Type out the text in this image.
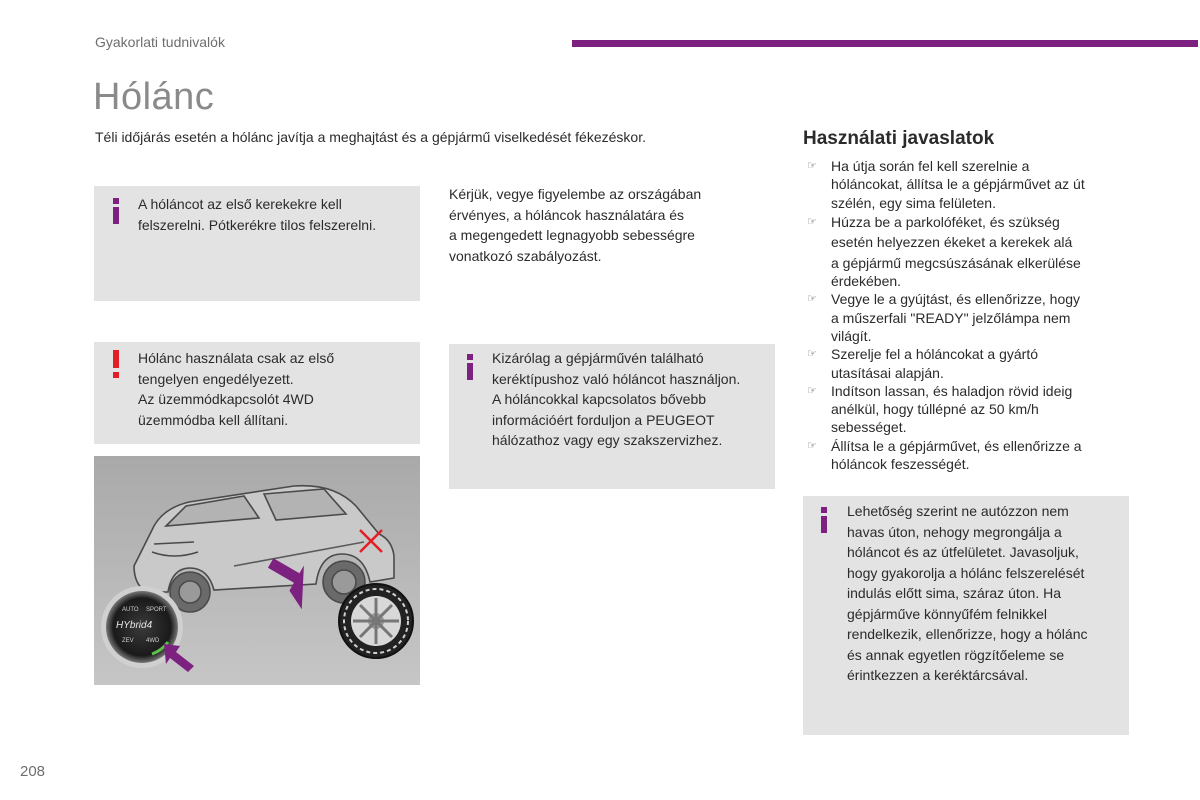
Gyakorlati tudnivalók
Hólánc
Téli időjárás esetén a hólánc javítja a meghajtást és a gépjármű viselkedését fékezéskor.
A hóláncot az első kerekekre kell
felszerelni. Pótkerékre tilos felszerelni.
Kérjük, vegye figyelembe az országában
érvényes, a hóláncok használatára és
a megengedett legnagyobb sebességre
vonatkozó szabályozást.
Hólánc használata csak az első
tengelyen engedélyezett.
Az üzemmódkapcsolót 4WD
üzemmódba kell állítani.
Kizárólag a gépjárművén található
keréktípushoz való hóláncot használjon.
A hóláncokkal kapcsolatos bővebb
információért forduljon a PEUGEOT
hálózathoz vagy egy szakszervizhez.
AUTO SPORT
HYbrid4
ZEV 4WD
Használati javaslatok
☞ Ha útja során fel kell szerelnie a
hóláncokat, állítsa le a gépjárművet az út
szélén, egy sima felületen.
☞ Húzza be a parkolóféket, és szükség
esetén helyezzen ékeket a kerekek alá
a gépjármű megcsúszásának elkerülése
érdekében.
☞ Vegye le a gyújtást, és ellenőrizze, hogy
a műszerfali "READY" jelzőlámpa nem
világít.
☞ Szerelje fel a hóláncokat a gyártó
utasításai alapján.
☞ Indítson lassan, és haladjon rövid ideig
anélkül, hogy túllépné az 50 km/h
sebességet.
☞ Állítsa le a gépjárművet, és ellenőrizze a
hóláncok feszességét.
Lehetőség szerint ne autózzon nem
havas úton, nehogy megrongálja a
hóláncot és az útfelületet. Javasoljuk,
hogy gyakorolja a hólánc felszerelését
indulás előtt sima, száraz úton. Ha
gépjárműve könnyűfém felnikkel
rendelkezik, ellenőrizze, hogy a hólánc
és annak egyetlen rögzítőeleme se
érintkezzen a keréktárcsával.
208
